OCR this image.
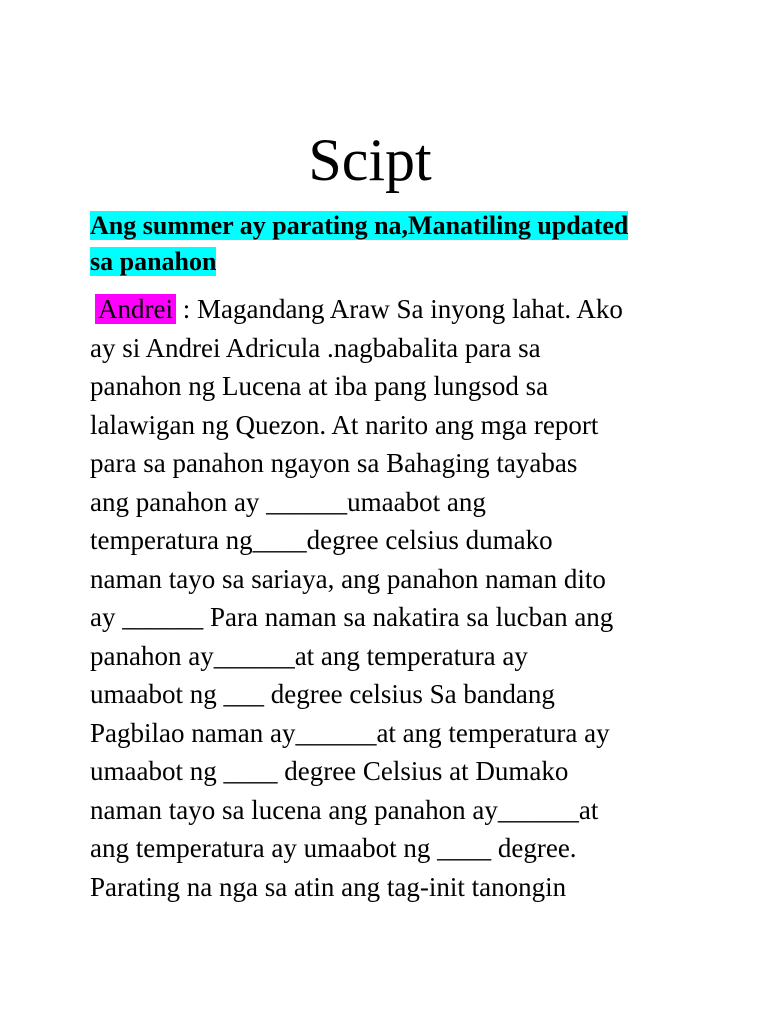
Scipt

Ang summer ay parating na,Manatiling updated
sa panahon

Andrei : Magandang Araw Sa inyong lahat. Ako
ay si Andrei Adricula .nagbabalita para sa
panahon ng Lucena at iba pang lungsod sa
lalawigan ng Quezon. At narito ang mga report
para sa panahon ngayon sa Bahaging tayabas
ang panahon ay ______umaabot ang
temperatura ng____degree celsius dumako
naman tayo sa sariaya, ang panahon naman dito
ay ______ Para naman sa nakatira sa lucban ang
panahon ay______at ang temperatura ay
umaabot ng ___ degree celsius Sa bandang
Pagbilao naman ay______at ang temperatura ay
umaabot ng ____ degree Celsius at Dumako
naman tayo sa lucena ang panahon ay______at
ang temperatura ay umaabot ng ____ degree.
Parating na nga sa atin ang tag-init tanongin
